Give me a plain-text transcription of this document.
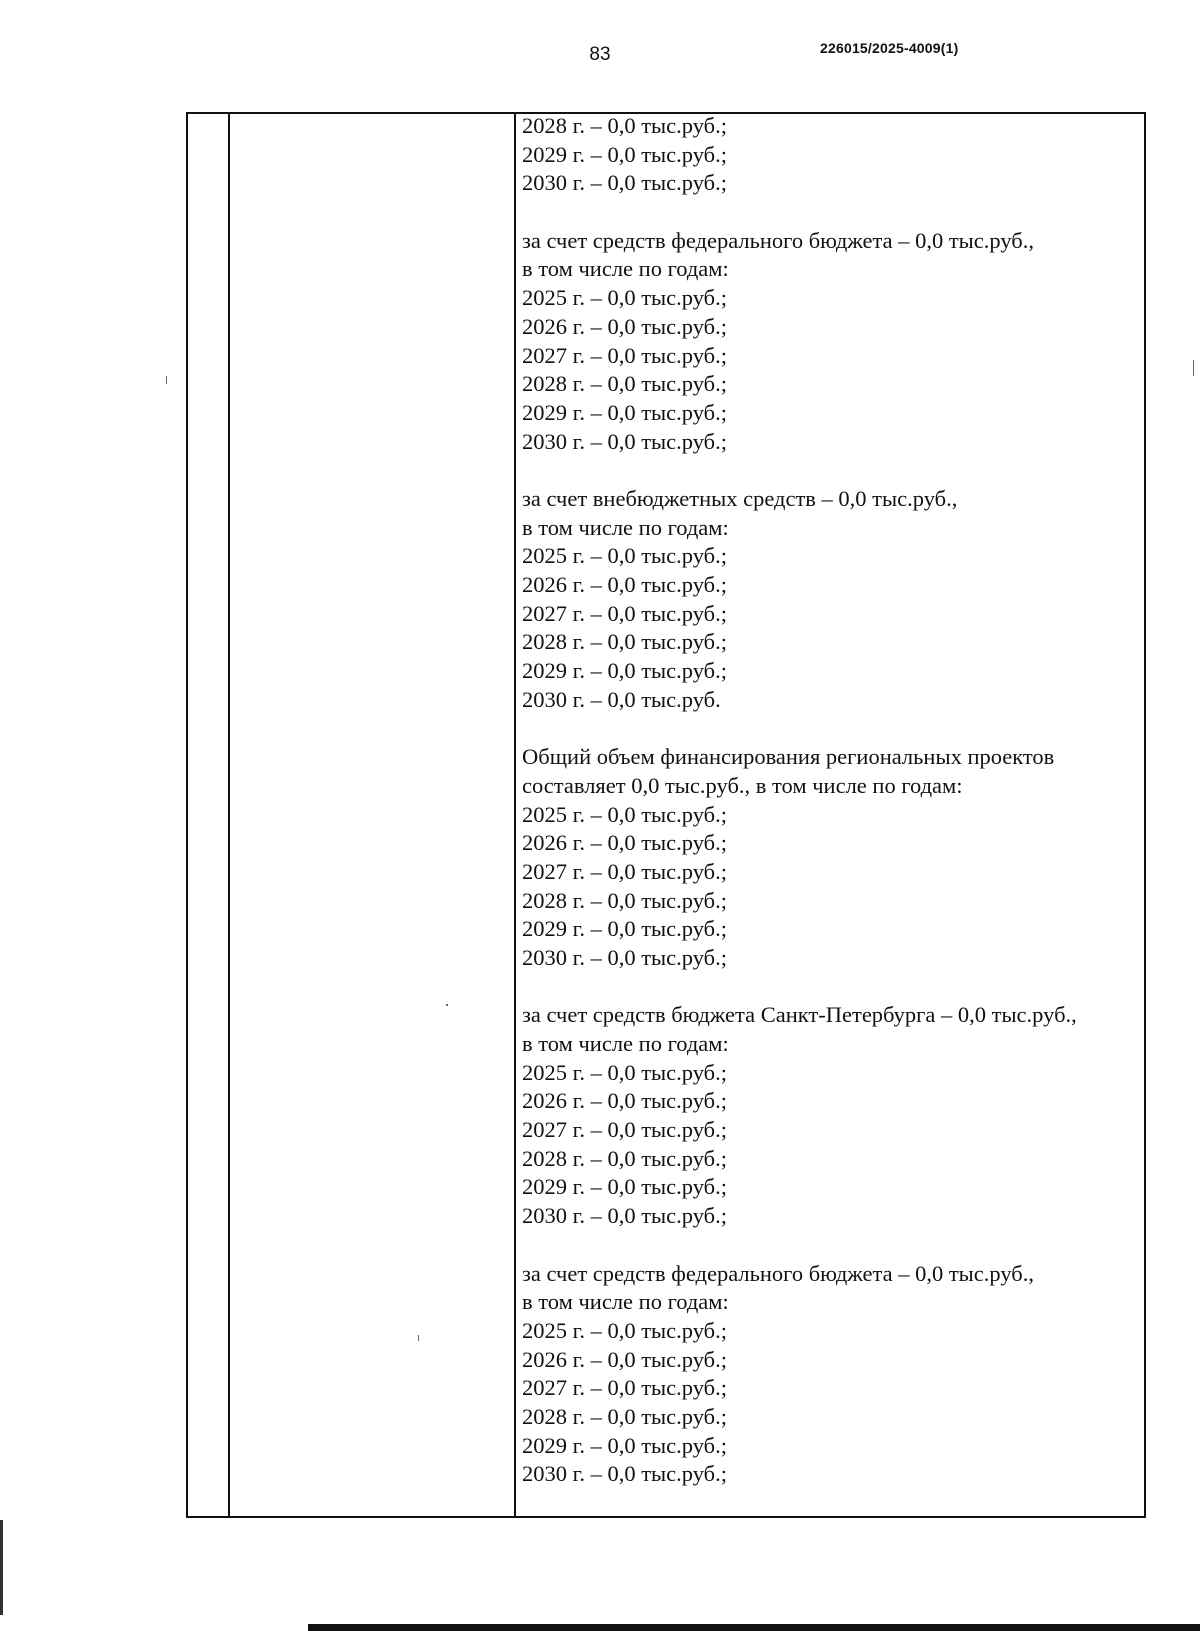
83	226015/2025-4009(1)
2028 г. – 0,0 тыс.руб.;
2029 г. – 0,0 тыс.руб.;
2030 г. – 0,0 тыс.руб.;
за счет средств федерального бюджета – 0,0 тыс.руб.,
в том числе по годам:
2025 г. – 0,0 тыс.руб.;
2026 г. – 0,0 тыс.руб.;
2027 г. – 0,0 тыс.руб.;
2028 г. – 0,0 тыс.руб.;
2029 г. – 0,0 тыс.руб.;
2030 г. – 0,0 тыс.руб.;
за счет внебюджетных средств – 0,0 тыс.руб.,
в том числе по годам:
2025 г. – 0,0 тыс.руб.;
2026 г. – 0,0 тыс.руб.;
2027 г. – 0,0 тыс.руб.;
2028 г. – 0,0 тыс.руб.;
2029 г. – 0,0 тыс.руб.;
2030 г. – 0,0 тыс.руб.
Общий объем финансирования региональных проектов
составляет 0,0 тыс.руб., в том числе по годам:
2025 г. – 0,0 тыс.руб.;
2026 г. – 0,0 тыс.руб.;
2027 г. – 0,0 тыс.руб.;
2028 г. – 0,0 тыс.руб.;
2029 г. – 0,0 тыс.руб.;
2030 г. – 0,0 тыс.руб.;
за счет средств бюджета Санкт-Петербурга – 0,0 тыс.руб.,
в том числе по годам:
2025 г. – 0,0 тыс.руб.;
2026 г. – 0,0 тыс.руб.;
2027 г. – 0,0 тыс.руб.;
2028 г. – 0,0 тыс.руб.;
2029 г. – 0,0 тыс.руб.;
2030 г. – 0,0 тыс.руб.;
за счет средств федерального бюджета – 0,0 тыс.руб.,
в том числе по годам:
2025 г. – 0,0 тыс.руб.;
2026 г. – 0,0 тыс.руб.;
2027 г. – 0,0 тыс.руб.;
2028 г. – 0,0 тыс.руб.;
2029 г. – 0,0 тыс.руб.;
2030 г. – 0,0 тыс.руб.;
